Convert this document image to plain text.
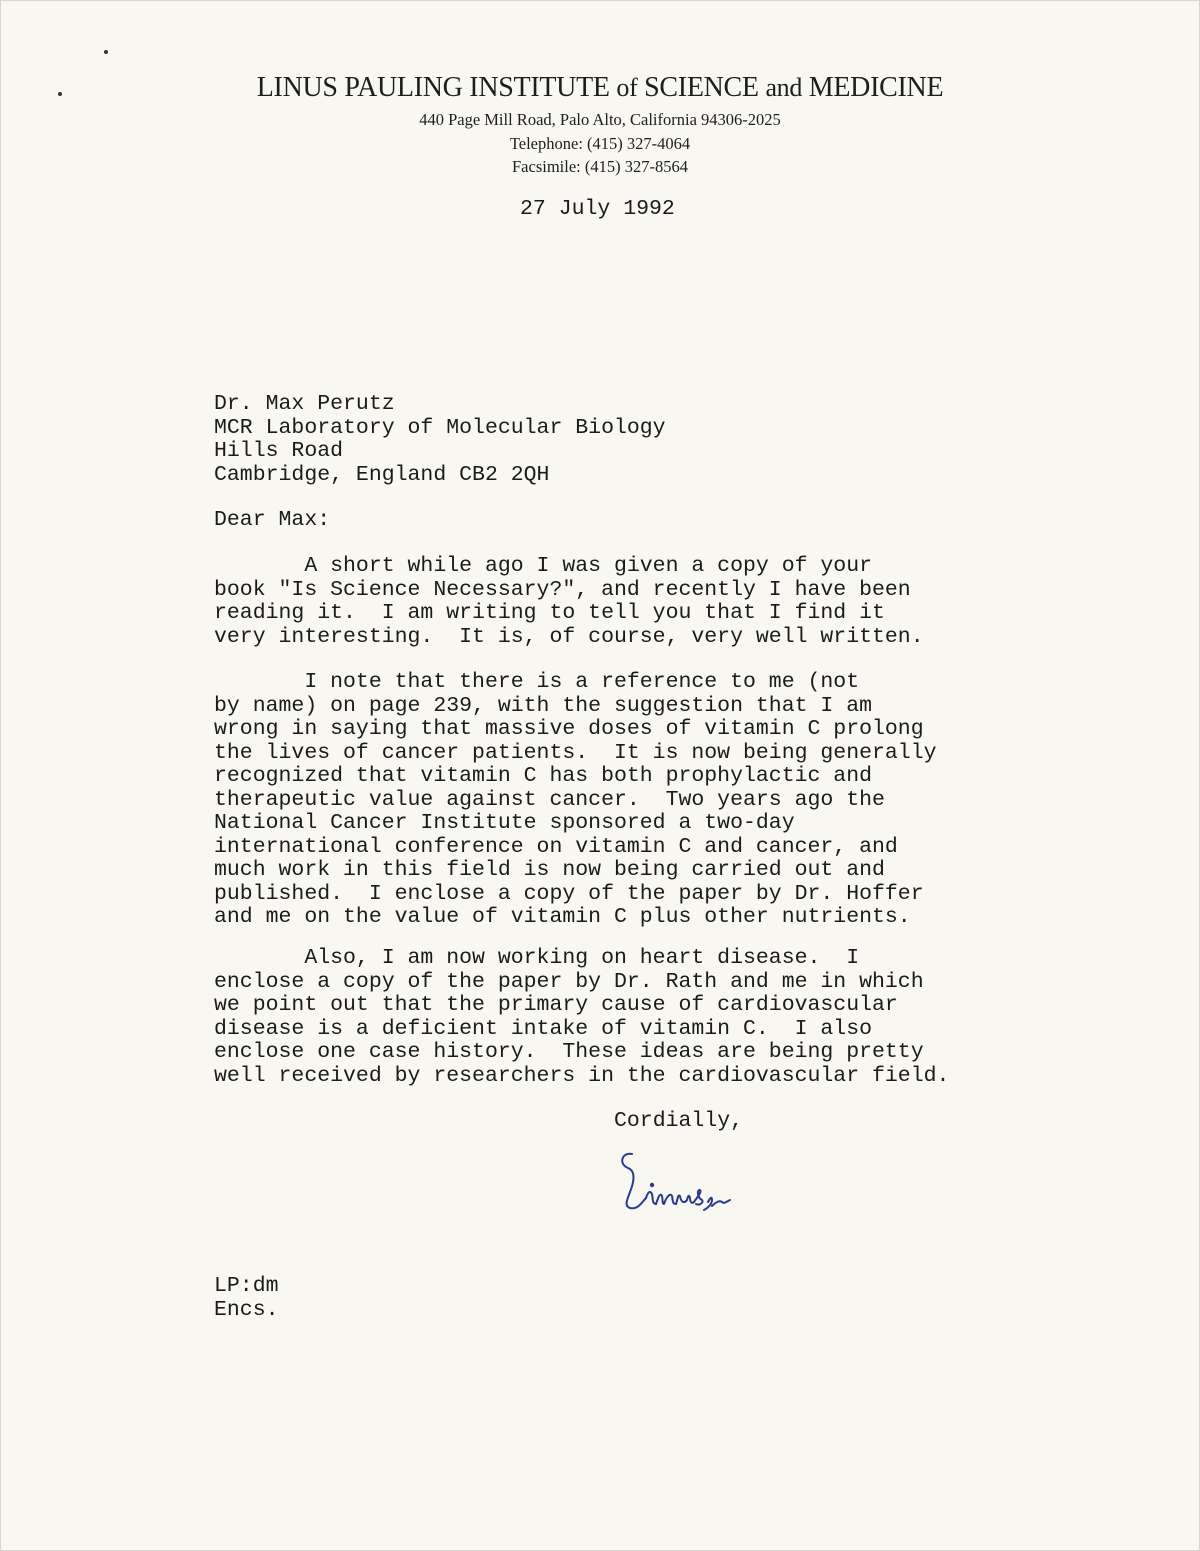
LINUS PAULING INSTITUTE of SCIENCE and MEDICINE
440 Page Mill Road, Palo Alto, California 94306-2025
Telephone: (415) 327-4064
Facsimile: (415) 327-8564
27 July 1992
Dr. Max Perutz
MCR Laboratory of Molecular Biology
Hills Road
Cambridge, England CB2 2QH
Dear Max:
A short while ago I was given a copy of your
book "Is Science Necessary?", and recently I have been
reading it.  I am writing to tell you that I find it
very interesting.  It is, of course, very well written.
I note that there is a reference to me (not
by name) on page 239, with the suggestion that I am
wrong in saying that massive doses of vitamin C prolong
the lives of cancer patients.  It is now being generally
recognized that vitamin C has both prophylactic and
therapeutic value against cancer.  Two years ago the
National Cancer Institute sponsored a two-day
international conference on vitamin C and cancer, and
much work in this field is now being carried out and
published.  I enclose a copy of the paper by Dr. Hoffer
and me on the value of vitamin C plus other nutrients.
Also, I am now working on heart disease.  I
enclose a copy of the paper by Dr. Rath and me in which
we point out that the primary cause of cardiovascular
disease is a deficient intake of vitamin C.  I also
enclose one case history.  These ideas are being pretty
well received by researchers in the cardiovascular field.
Cordially,
LP:dm
Encs.
